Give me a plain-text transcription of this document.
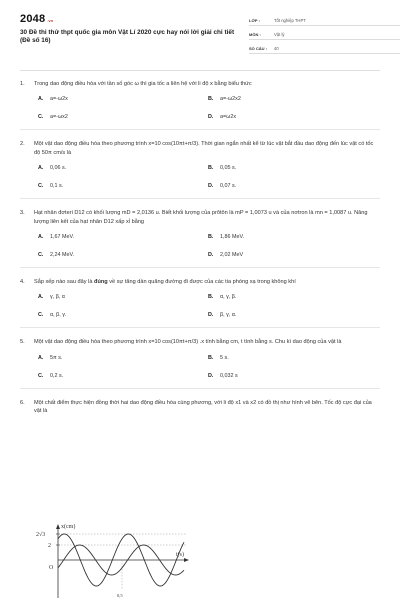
2048 .vn
30 Đề thi thử thpt quốc gia môn Vật Lí 2020 cực hay nói lời giải chi tiết (Đề số 16)
LỚP :	Tốt nghiệp THPT
MÔN :	Vật lý
SỐ CÂU :	40
1.	Trong dao động điều hòa với tần số góc ω thì gia tốc a liên hệ với li độ x bằng biểu thức
A.	a=-ω2x	B.	a=-ω2x2
C.	a=-ωx2	D.	a=ω2x
2.	Một vật dao động điều hòa theo phương trình x=10 cos(10πt+π/3). Thời gian ngắn nhất kể từ lúc vật bắt đầu dao động đến lúc vật có tốc độ 50π cm/s là
A.	0,06 s.	B.	0,05 s.
C.	0,1 s.	D.	0,07 s.
3.	Hạt nhân đơteri D12 có khối lượng mD = 2,0136 u. Biết khối lượng của prôtôn là mP = 1,0073 u và của nơtron là mn = 1,0087 u. Năng lượng liên kết của hạt nhân D12 xấp xỉ bằng
A.	1,67 MeV.	B.	1,86 MeV.
C.	2,24 MeV.	D.	2,02 MeV
4.	Sắp xếp nào sau đây là đúng về sự tăng dần quãng đường đi được của các tia phóng xạ trong không khí
A.	γ, β, α	B.	α, γ, β.
C.	α, β, γ.	D.	β, γ, α.
5.	Một vật dao động điều hòa theo phương trình x=10 cos(10πt+π/3) .x tính bằng cm, t tính bằng s. Chu kì dao động của vật là
A.	5π s.	B.	5 s.
C.	0,2 s.	D.	0,032 s
6.	Một chất điểm thực hiện đồng thời hai dao động điều hòa cùng phương, với li độ x1 và x2 có đồ thị như hình vẽ bên. Tốc độ cực đại của vật là
x(cm)
t(s)
2√3
2
O
0,5
